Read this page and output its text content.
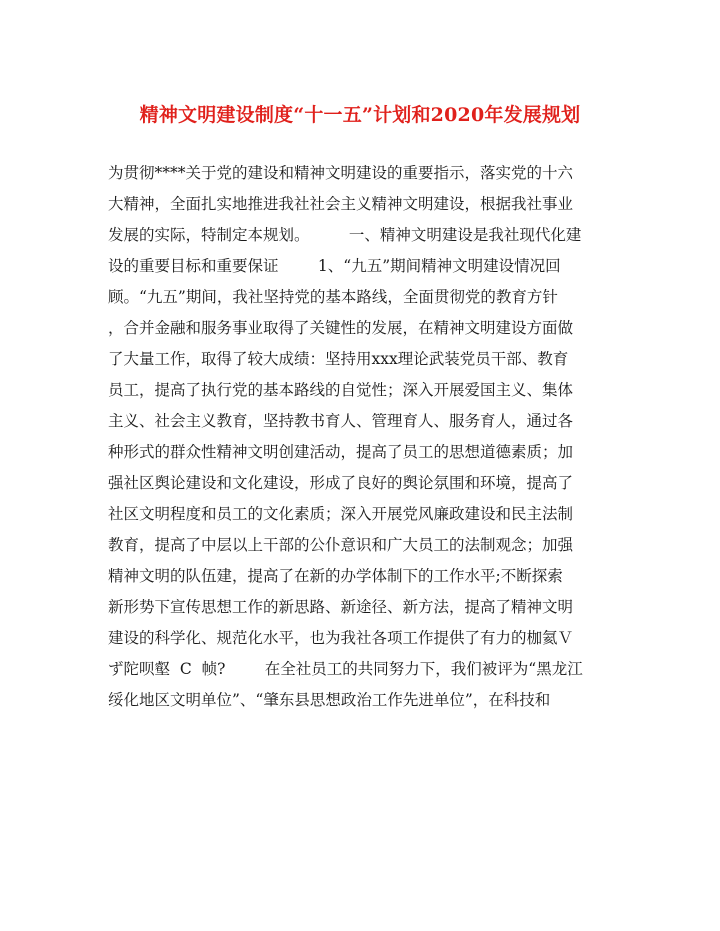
精神文明建设制度“十一五”计划和2020年发展规划
为贯彻****关于党的建设和精神文明建设的重要指示，落实党的十六
大精神，全面扎实地推进我社社会主义精神文明建设，根据我社事业
发展的实际，特制定本规划。        一、精神文明建设是我社现代化建
设的重要目标和重要保证        1、“九五”期间精神文明建设情况回
顾。“九五”期间，我社坚持党的基本路线，全面贯彻党的教育方针
，合并金融和服务事业取得了关键性的发展，在精神文明建设方面做
了大量工作，取得了较大成绩：坚持用xxx理论武装党员干部、教育
员工，提高了执行党的基本路线的自觉性；深入开展爱国主义、集体
主义、社会主义教育，坚持教书育人、管理育人、服务育人，通过各
种形式的群众性精神文明创建活动，提高了员工的思想道德素质；加
强社区舆论建设和文化建设，形成了良好的舆论氛围和环境，提高了
社区文明程度和员工的文化素质；深入开展党风廉政建设和民主法制
教育，提高了中层以上干部的公仆意识和广大员工的法制观念；加强
精神文明的队伍建，提高了在新的办学体制下的工作水平;不断探索
新形势下宣传思想工作的新思路、新途径、新方法，提高了精神文明
建设的科学化、规范化水平，也为我社各项工作提供了有力的枷氦Ｖ
ず陀呗壑  C  帧?        在全社员工的共同努力下，我们被评为“黑龙江
绥化地区文明单位”、“肇东县思想政治工作先进单位”，在科技和
